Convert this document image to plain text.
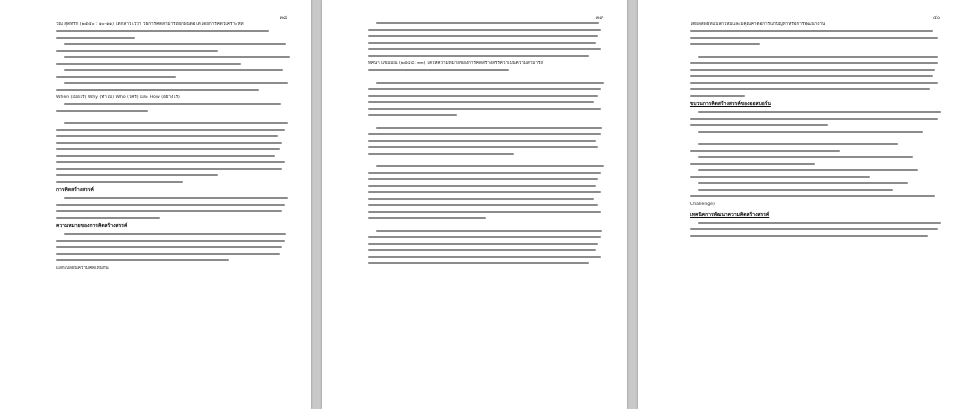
๓๘
วีณ สุดที่รัก (๒๕๕๐ : ๑๐-๑๑) ได้กล่าวไว้ว่า วิธีการคิดสามารถฝึกฝนต่อได้โดยการคิดวิเคราะห์ที่
When (เมื่อไร) Why (ทำไม) Who (ใคร) และ How (อย่างไร)
การคิดสร้างสรรค์
ความหมายของการคิดสร้างสรรค์
แลกเปลี่ยนความคิดเห็นกัน
๓๙
ทิศนา แขมมณี (๒๕๔๔: ๓๓) ได้ให้ความหมายของการคิดสร้างสรรค์ว่าเป็นความสามารถ
๔๐
ได้ผลลัพธ์ที่แปลกใหม่และมีคุณค่าต่อการแก้ปัญหาหรือการพัฒนางาน
ขบวนการคิดสร้างสรรค์ของออสบอร์น
Challenge)
เทคนิคการพัฒนาความคิดสร้างสรรค์
